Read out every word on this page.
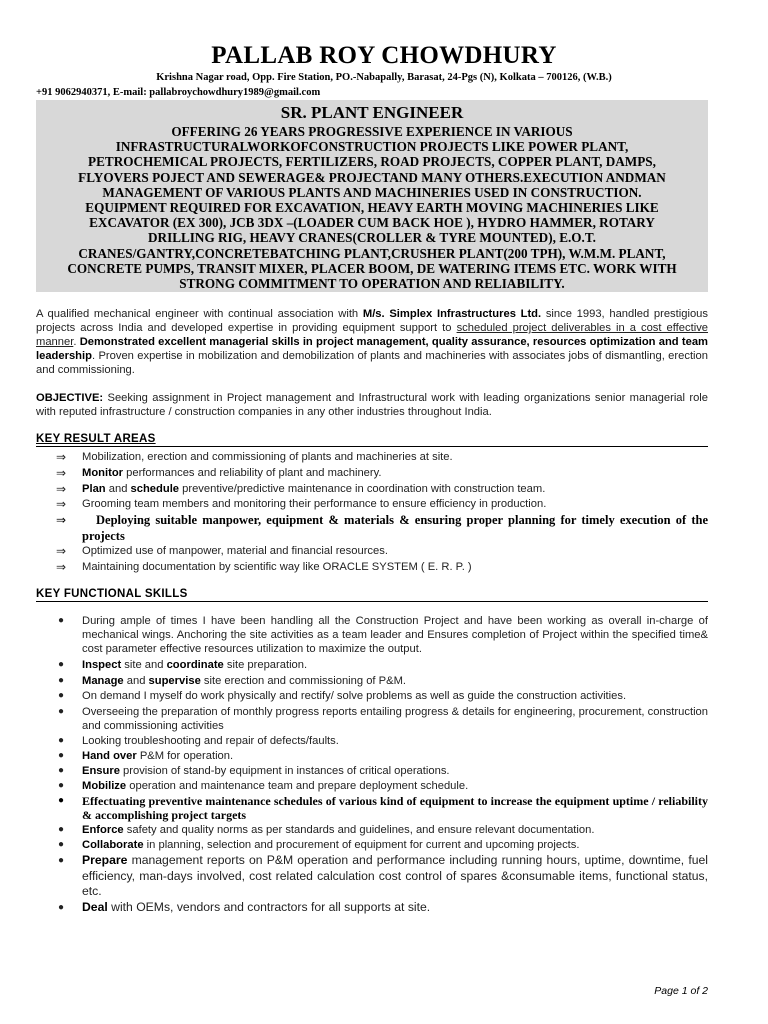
PALLAB ROY CHOWDHURY
Krishna Nagar road, Opp. Fire Station, PO.-Nabapally, Barasat, 24-Pgs (N), Kolkata – 700126, (W.B.)
+91 9062940371, E-mail: pallabroychowdhury1989@gmail.com
SR. PLANT ENGINEER
OFFERING 26 YEARS PROGRESSIVE EXPERIENCE IN VARIOUS
INFRASTRUCTURALWORKOFCONSTRUCTION PROJECTS LIKE POWER PLANT,
PETROCHEMICAL PROJECTS, FERTILIZERS, ROAD PROJECTS, COPPER PLANT, DAMPS,
FLYOVERS POJECT AND SEWERAGE& PROJECTAND MANY OTHERS.EXECUTION ANDMAN
MANAGEMENT OF VARIOUS PLANTS AND MACHINERIES USED IN CONSTRUCTION.
EQUIPMENT REQUIRED FOR EXCAVATION, HEAVY EARTH MOVING MACHINERIES LIKE
EXCAVATOR (EX 300), JCB 3DX –(LOADER CUM BACK HOE ), HYDRO HAMMER, ROTARY
DRILLING RIG, HEAVY CRANES(CROLLER & TYRE MOUNTED), E.O.T.
CRANES/GANTRY,CONCRETEBATCHING PLANT,CRUSHER PLANT(200 TPH), W.M.M. PLANT,
CONCRETE PUMPS, TRANSIT MIXER, PLACER BOOM, DE WATERING ITEMS ETC. WORK WITH
STRONG COMMITMENT TO OPERATION AND RELIABILITY.
A qualified mechanical engineer with continual association with M/s. Simplex Infrastructures Ltd. since 1993, handled prestigious projects across India and developed expertise in providing equipment support to scheduled project deliverables in a cost effective manner. Demonstrated excellent managerial skills in project management, quality assurance, resources optimization and team leadership. Proven expertise in mobilization and demobilization of plants and machineries with associates jobs of dismantling, erection and commissioning.
OBJECTIVE: Seeking assignment in Project management and Infrastructural work with leading organizations senior managerial role with reputed infrastructure / construction companies in any other industries throughout India.
KEY RESULT AREAS
⇒ Mobilization, erection and commissioning of plants and machineries at site.
⇒ Monitor performances and reliability of plant and machinery.
⇒ Plan and schedule preventive/predictive maintenance in coordination with construction team.
⇒ Grooming team members and monitoring their performance to ensure efficiency in production.
⇒ Deploying suitable manpower, equipment & materials & ensuring proper planning for timely execution of the projects
⇒ Optimized use of manpower, material and financial resources.
⇒ Maintaining documentation by scientific way like ORACLE SYSTEM ( E. R. P. )
KEY FUNCTIONAL SKILLS
● During ample of times I have been handling all the Construction Project and have been working as overall in-charge of mechanical wings. Anchoring the site activities as a team leader and Ensures completion of Project within the specified time& cost parameter effective resources utilization to maximize the output.
● Inspect site and coordinate site preparation.
● Manage and supervise site erection and commissioning of P&M.
● On demand I myself do work physically and rectify/ solve problems as well as guide the construction activities.
● Overseeing the preparation of monthly progress reports entailing progress & details for engineering, procurement, construction and commissioning activities
● Looking troubleshooting and repair of defects/faults.
● Hand over P&M for operation.
● Ensure provision of stand-by equipment in instances of critical operations.
● Mobilize operation and maintenance team and prepare deployment schedule.
● Effectuating preventive maintenance schedules of various kind of equipment to increase the equipment uptime / reliability & accomplishing project targets
● Enforce safety and quality norms as per standards and guidelines, and ensure relevant documentation.
● Collaborate in planning, selection and procurement of equipment for current and upcoming projects.
● Prepare management reports on P&M operation and performance including running hours, uptime, downtime, fuel efficiency, man-days involved, cost related calculation cost control of spares &consumable items, functional status, etc.
● Deal with OEMs, vendors and contractors for all supports at site.
Page 1 of 2
